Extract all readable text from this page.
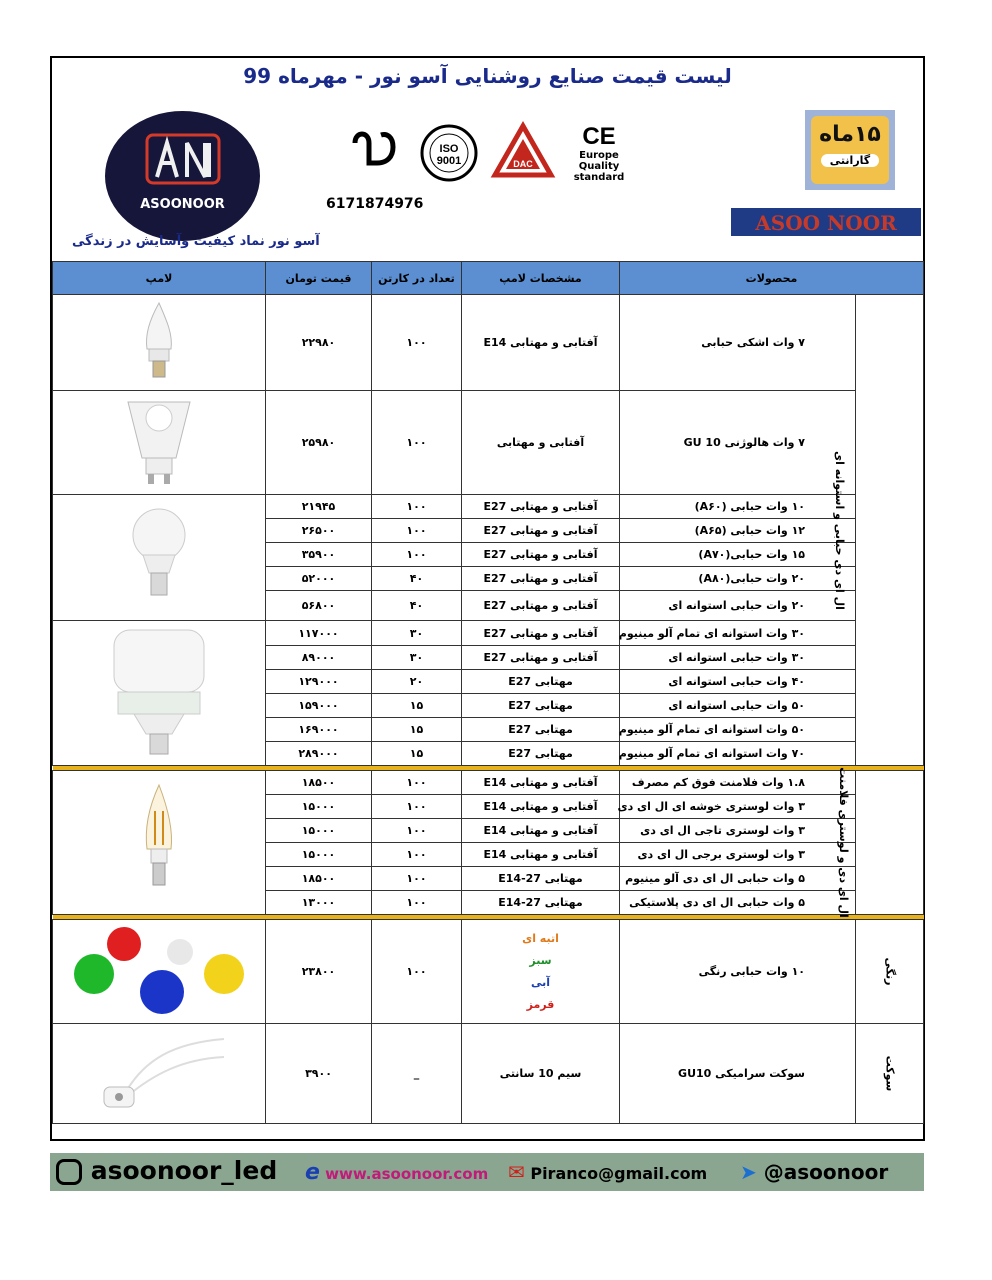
لیست قیمت صنایع روشنایی آسو نور - مهرماه 99
ASOONOOR
آسو نور نماد کیفیت وآسایش در زندگی
ISO
9001	DAC
CE
Europe
Quality
standard
6171874976
۱۵ماه
گارانتی
ASOO NOOR
محصولات		مشخصات لامپ	تعداد در کارتن	قیمت تومان	لامپ
ال ای دی حبابی و استوانه ای	۷ وات اشکی حبابی	آفتابی و مهتابی E14	۱۰۰	۲۲۹۸۰	
	۷ وات هالوژنی GU 10	آفتابی و مهتابی	۱۰۰	۲۵۹۸۰	
	۱۰ وات حبابی (A۶۰)	آفتابی و مهتابی E27	۱۰۰	۲۱۹۴۵	
	۱۲ وات حبابی (A۶۵)	آفتابی و مهتابی E27	۱۰۰	۲۶۵۰۰	
	۱۵ وات حبابی(A۷۰)	آفتابی و مهتابی E27	۱۰۰	۳۵۹۰۰	
	۲۰ وات حبابی(A۸۰)	آفتابی و مهتابی E27	۴۰	۵۲۰۰۰	
	۲۰ وات حبابی استوانه ای	آفتابی و مهتابی E27	۴۰	۵۶۸۰۰	
	۳۰ وات استوانه ای تمام آلو مینیوم	آفتابی و مهتابی E27	۳۰	۱۱۷۰۰۰	
	۳۰ وات حبابی استوانه ای	آفتابی و مهتابی E27	۳۰	۸۹۰۰۰	
	۴۰ وات حبابی استوانه ای	مهتابی E27	۲۰	۱۲۹۰۰۰	
	۵۰ وات حبابی استوانه ای	مهتابی E27	۱۵	۱۵۹۰۰۰	
	۵۰ وات استوانه ای تمام آلو مینیوم	مهتابی E27	۱۵	۱۶۹۰۰۰	
	۷۰ وات استوانه ای تمام آلو مینیوم	مهتابی E27	۱۵	۲۸۹۰۰۰	

ال ای دی و لوستری فلامنت	۱.۸ وات فلامنت فوق کم مصرف	آفتابی و مهتابی E14	۱۰۰	۱۸۵۰۰	
	۳ وات لوستری خوشه ای ال ای دی	آفتابی و مهتابی E14	۱۰۰	۱۵۰۰۰	
	۳ وات لوستری تاجی ال ای دی	آفتابی و مهتابی E14	۱۰۰	۱۵۰۰۰	
	۳ وات لوستری برجی ال ای دی	آفتابی و مهتابی E14	۱۰۰	۱۵۰۰۰	
	۵ وات حبابی ال ای دی آلو مینیوم	مهتابی E14-27	۱۰۰	۱۸۵۰۰	
	۵ وات حبابی ال ای دی پلاستیکی	مهتابی E14-27	۱۰۰	۱۳۰۰۰	

رنگی	۱۰ وات حبابی رنگی	اتبه ای
سبز
آبی
قرمز	۱۰۰	۲۳۸۰۰	
سوکت	سوکت سرامیکی GU10	سیم 10 سانتی	_	۳۹۰۰	
asoonoor_led e www.asoonoor.com ✉ Piranco@gmail.com ➤ @asoonoor
